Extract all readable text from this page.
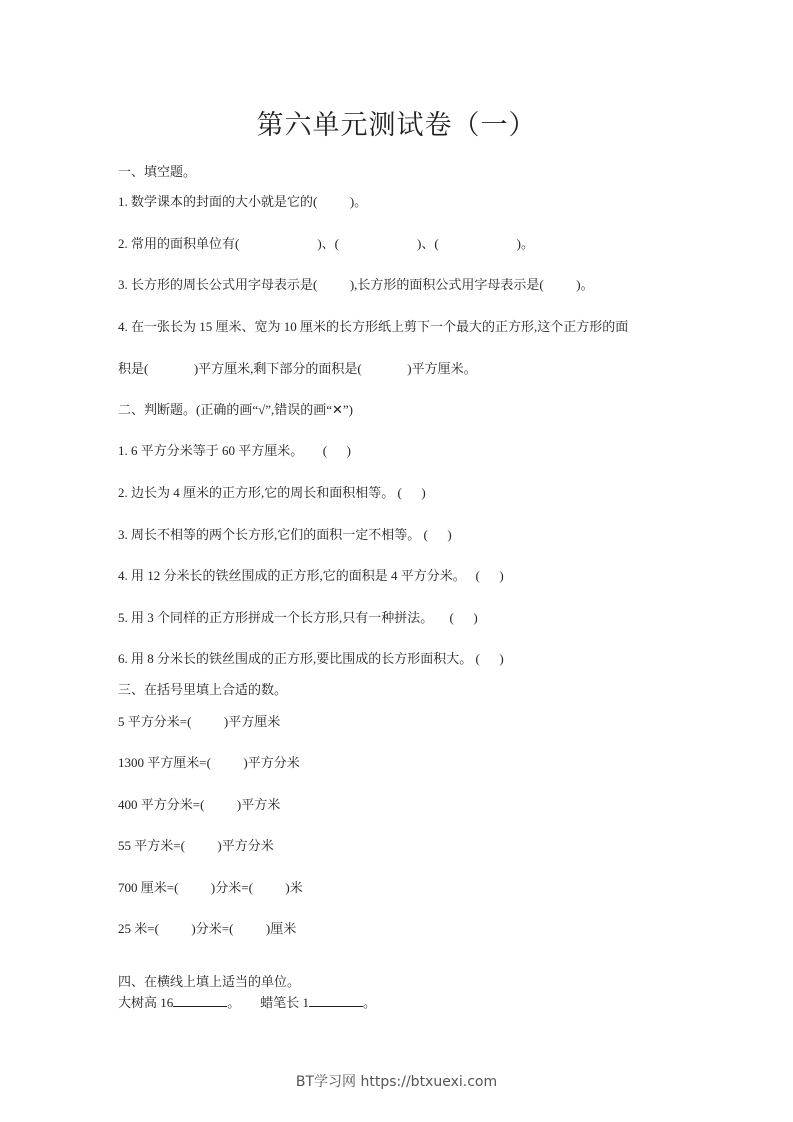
第六单元测试卷（一）
一、填空题。
1. 数学课本的封面的大小就是它的(          )。
2. 常用的面积单位有(                        )、(                        )、(                        )。
3. 长方形的周长公式用字母表示是(          ),长方形的面积公式用字母表示是(          )。
4. 在一张长为 15 厘米、宽为 10 厘米的长方形纸上剪下一个最大的正方形,这个正方形的面
积是(              )平方厘米,剩下部分的面积是(              )平方厘米。
二、判断题。(正确的画“√”,错误的画“✕”)
1. 6 平方分米等于 60 平方厘米。      (      )
2. 边长为 4 厘米的正方形,它的周长和面积相等。 (      )
3. 周长不相等的两个长方形,它们的面积一定不相等。 (      )
4. 用 12 分米长的铁丝围成的正方形,它的面积是 4 平方分米。   (      )
5. 用 3 个同样的正方形拼成一个长方形,只有一种拼法。     (      )
6. 用 8 分米长的铁丝围成的正方形,要比围成的长方形面积大。 (      )
三、在括号里填上合适的数。
5 平方分米=(          )平方厘米
1300 平方厘米=(          )平方分米
400 平方分米=(          )平方米
55 平方米=(          )平方分米
700 厘米=(          )分米=(          )米
25 米=(          )分米=(          )厘米
四、在横线上填上适当的单位。
大树高 16	。 蜡笔长 1	。
BT学习网 https://btxuexi.com
